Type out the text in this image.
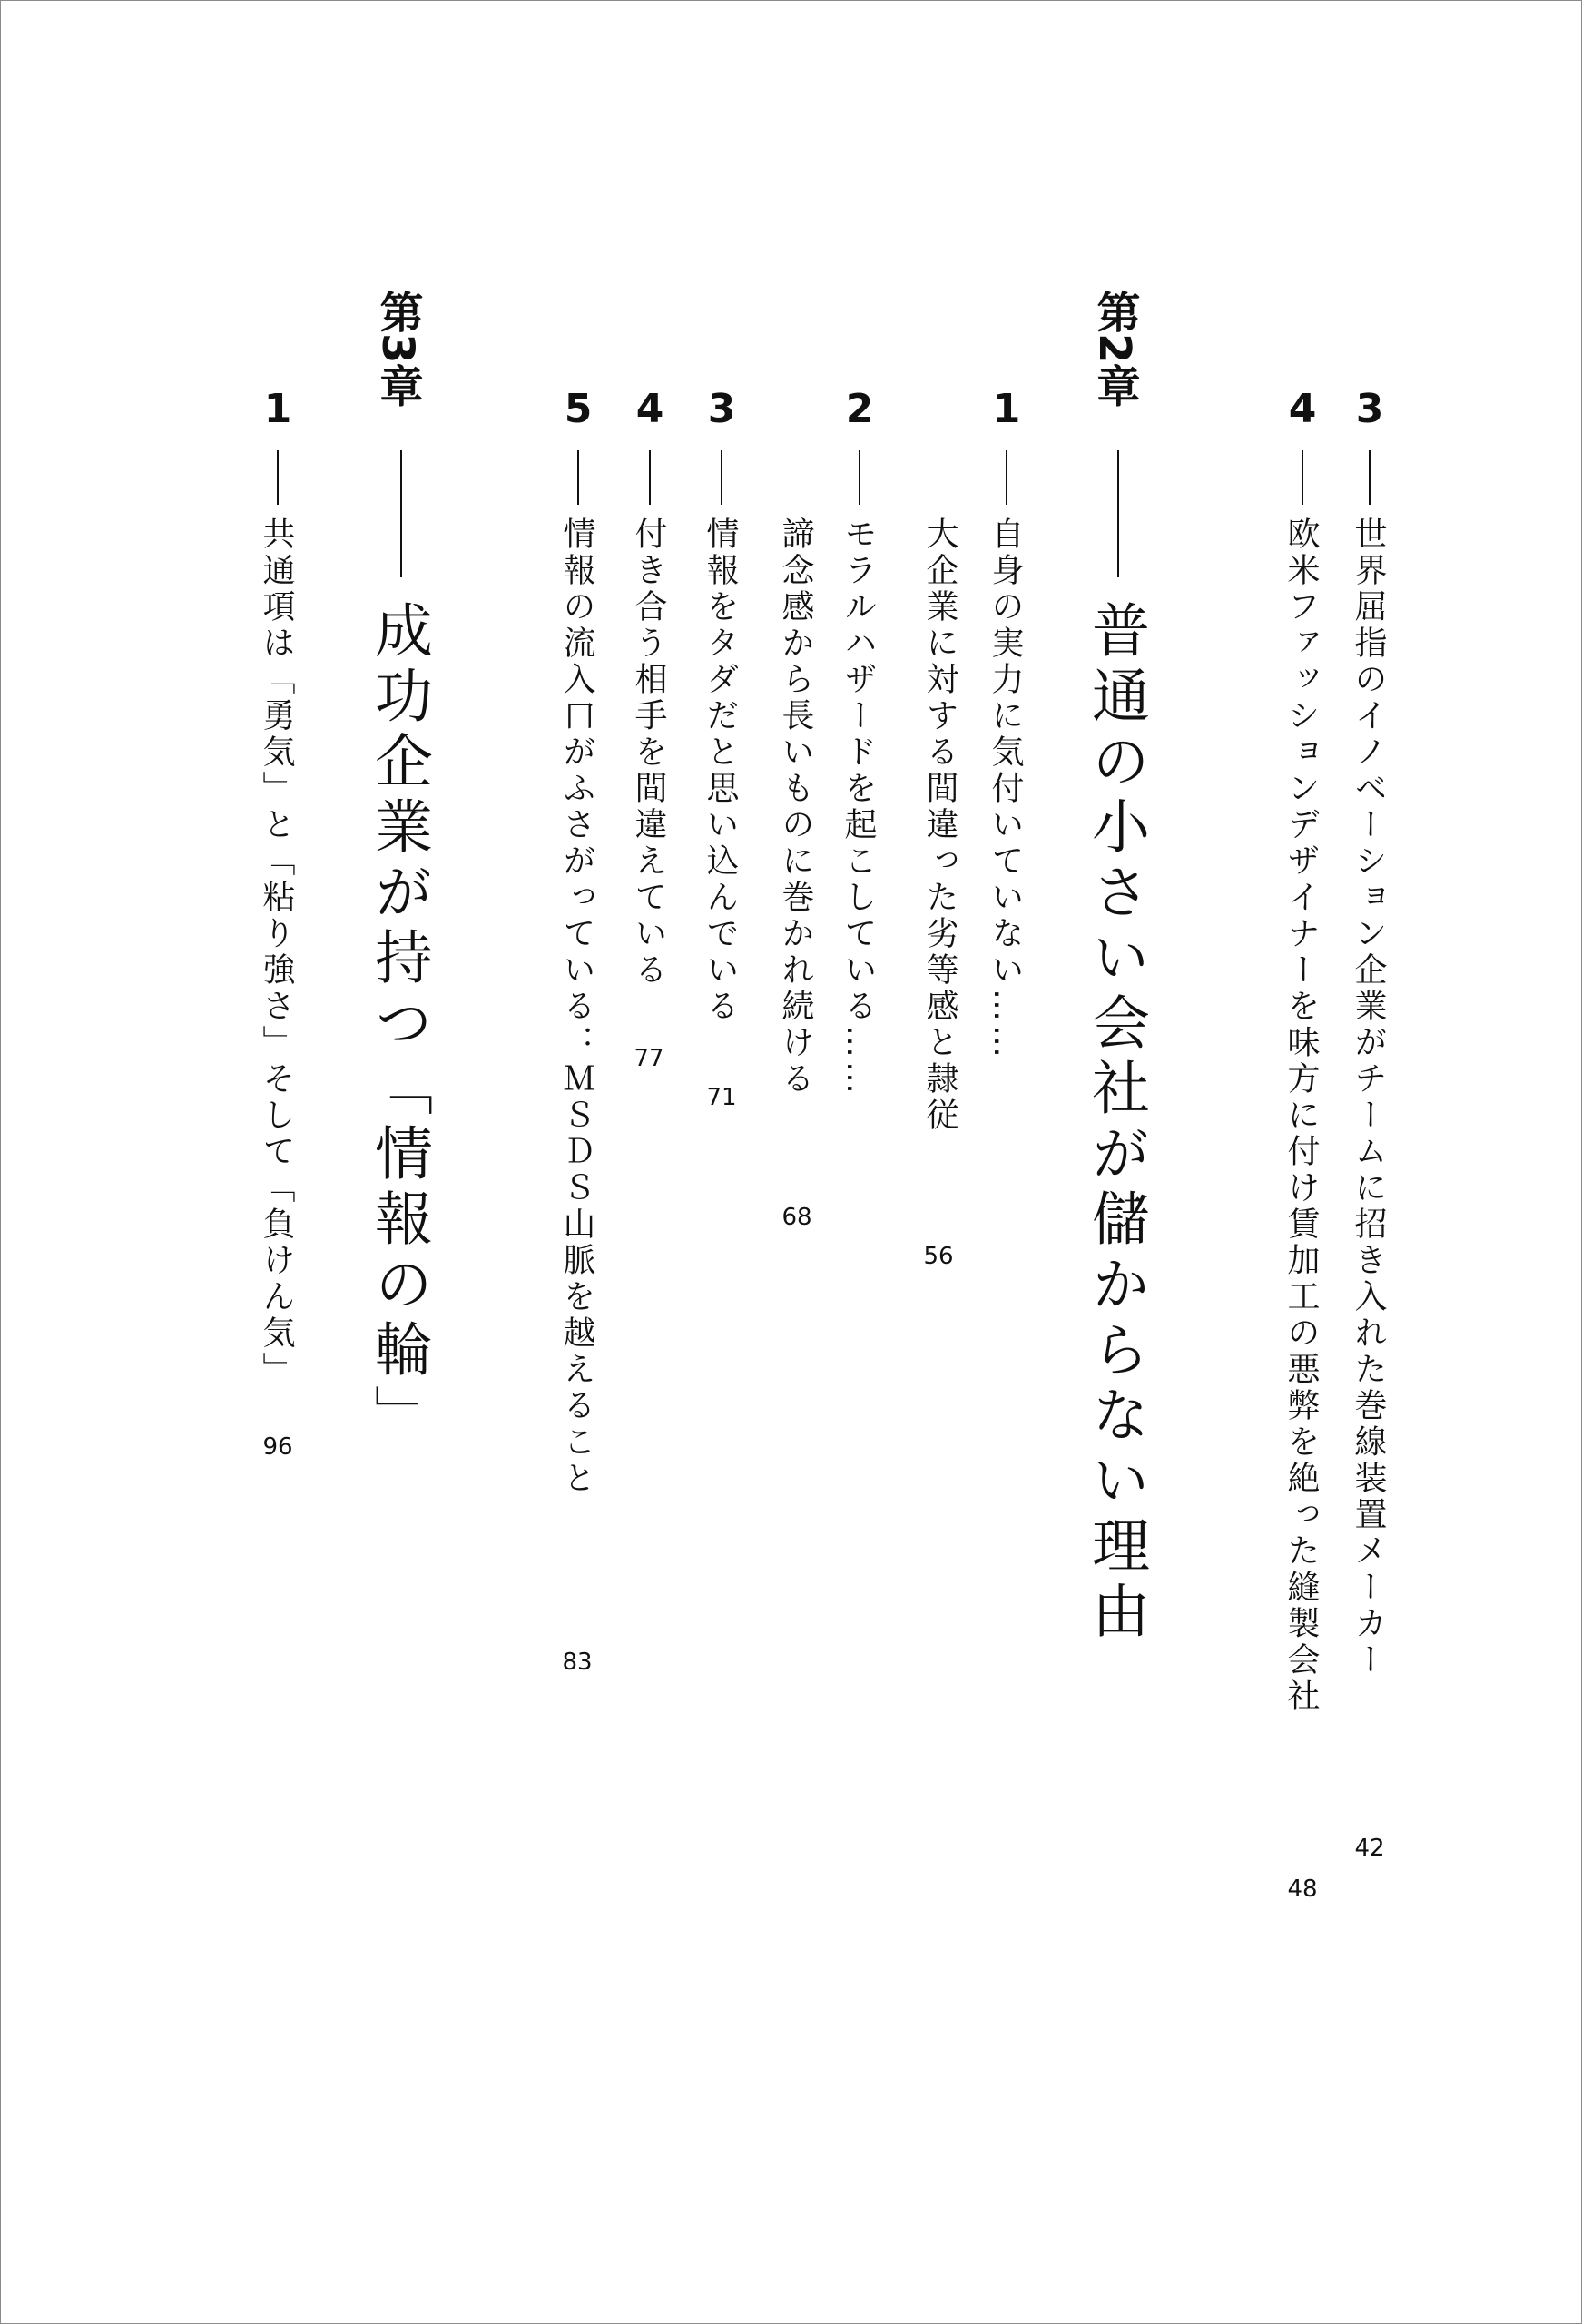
3
世界屈指のイノベーション企業がチームに招き入れた巻線装置メーカー
42
4
欧米ファッションデザイナーを味方に付け賃加工の悪弊を絶った縫製会社
48
第2章
普通の小さい会社が儲からない理由
1
自身の実力に気付いていない……
大企業に対する間違った劣等感と隷従
56
2
モラルハザードを起こしている……
諦念感から長いものに巻かれ続ける
68
3
情報をタダだと思い込んでいる
71
4
付き合う相手を間違えている
77
5
情報の流入口がふさがっている：ＭＳＤＳ山脈を越えること
83
第3章
成功企業が持つ「情報の輪」
1
共通項は「勇気」と「粘り強さ」そして「負けん気」
96
